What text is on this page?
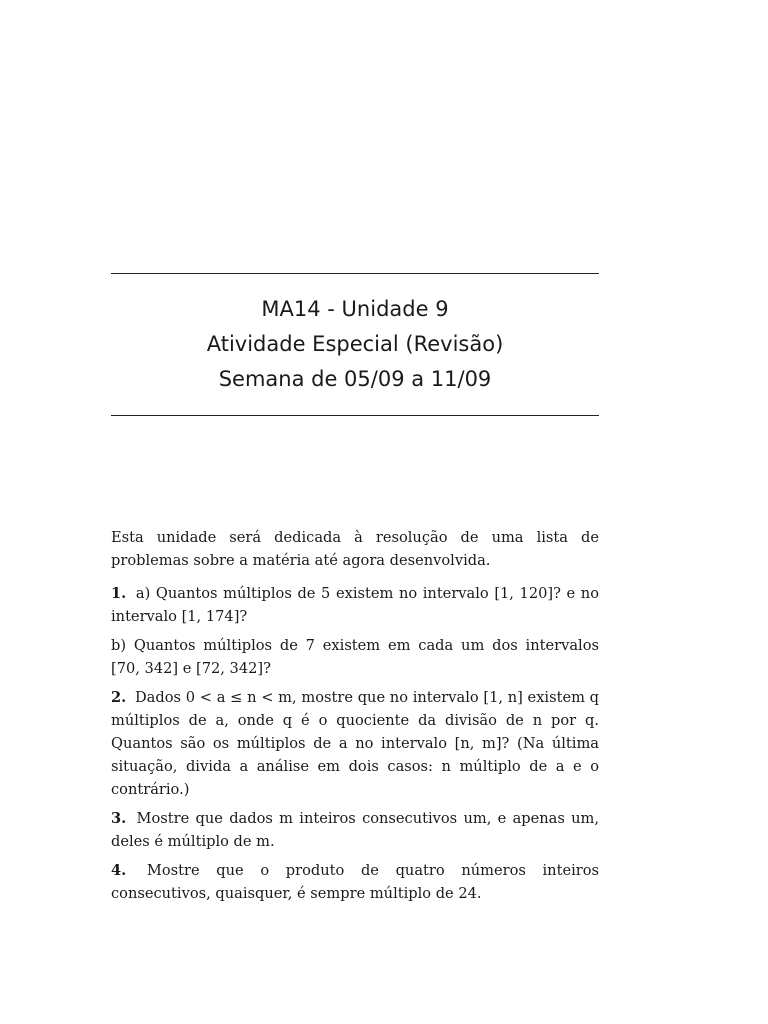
MA14 - Unidade 9
Atividade Especial (Revisão)
Semana de 05/09 a 11/09

Esta unidade será dedicada à resolução de uma lista de problemas sobre a matéria até agora desenvolvida.

1. a) Quantos múltiplos de 5 existem no intervalo [1, 120]? e no intervalo [1, 174]?

b) Quantos múltiplos de 7 existem em cada um dos intervalos [70, 342] e [72, 342]?

2. Dados 0 < a ≤ n < m, mostre que no intervalo [1, n] existem q múltiplos de a, onde q é o quociente da divisão de n por q. Quantos são os múltiplos de a no intervalo [n, m]? (Na última situação, divida a análise em dois casos: n múltiplo de a e o contrário.)

3. Mostre que dados m inteiros consecutivos um, e apenas um, deles é múltiplo de m.

4. Mostre que o produto de quatro números inteiros consecutivos, quaisquer, é sempre múltiplo de 24.
